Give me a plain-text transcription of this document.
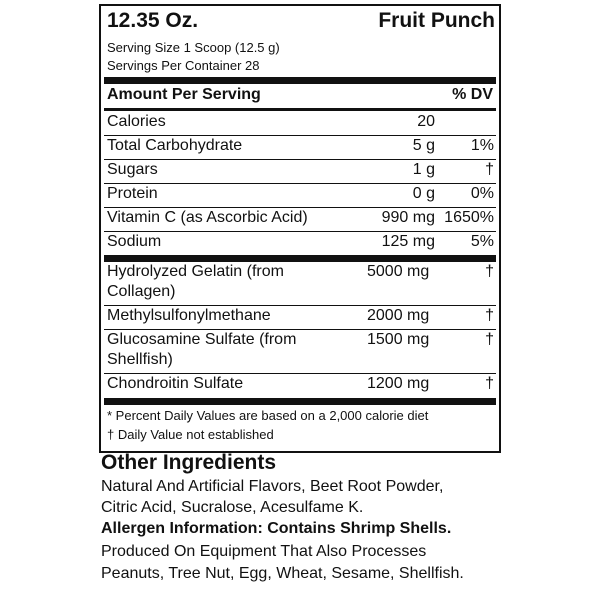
12.35 Oz.	Fruit Punch
Serving Size 1 Scoop (12.5 g)
Servings Per Container 28
Amount Per Serving	% DV
Calories	20
Total Carbohydrate	5 g 1%
Sugars	1 g	†
Protein	0 g 0%
Vitamin C (as Ascorbic Acid)	990 mg 1650%
Sodium	125 mg 5%
Hydrolyzed Gelatin (from
Collagen)
5000 mg	†
Methylsulfonylmethane	2000 mg	†
Glucosamine Sulfate (from
Shellfish)
1500 mg	†
Chondroitin Sulfate	1200 mg	†
* Percent Daily Values are based on a 2,000 calorie diet
† Daily Value not established
Other Ingredients
Natural And Artificial Flavors, Beet Root Powder,
Citric Acid, Sucralose, Acesulfame K.
Allergen Information: Contains Shrimp Shells.
Produced On Equipment That Also Processes
Peanuts, Tree Nut, Egg, Wheat, Sesame, Shellfish.
